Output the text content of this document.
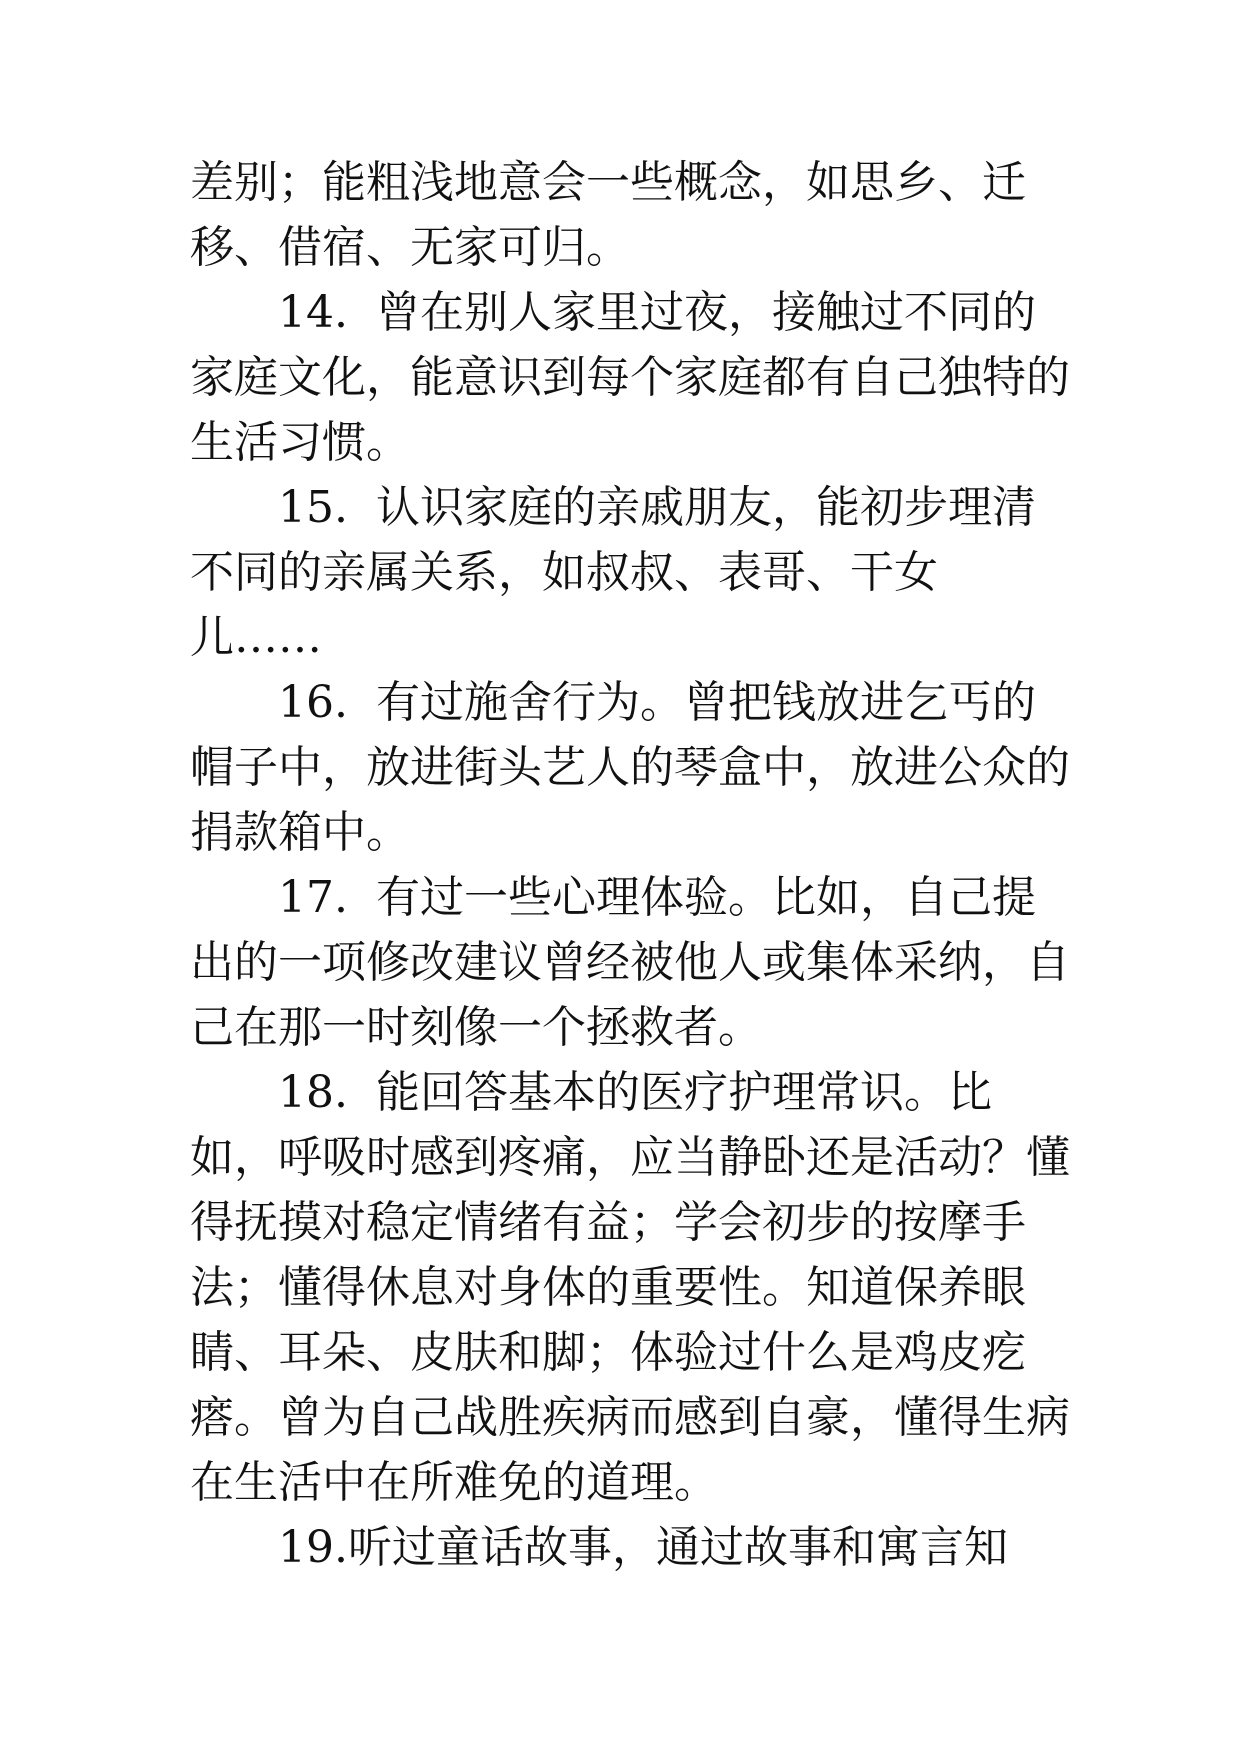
差别；能粗浅地意会一些概念，如思乡、迁移、借宿、无家可归。

14.  曾在别人家里过夜，接触过不同的家庭文化，能意识到每个家庭都有自己独特的生活习惯。

15.  认识家庭的亲戚朋友，能初步理清不同的亲属关系，如叔叔、表哥、干女
儿……

16.  有过施舍行为。曾把钱放进乞丐的帽子中，放进街头艺人的琴盒中，放进公众的捐款箱中。

17.  有过一些心理体验。比如，自己提出的一项修改建议曾经被他人或集体采纳，自己在那一时刻像一个拯救者。

18.  能回答基本的医疗护理常识。比如，呼吸时感到疼痛，应当静卧还是活动？懂得抚摸对稳定情绪有益；学会初步的按摩手法；懂得休息对身体的重要性。知道保养眼睛、耳朵、皮肤和脚；体验过什么是鸡皮疙瘩。曾为自己战胜疾病而感到自豪，懂得生病在生活中在所难免的道理。

19.听过童话故事，通过故事和寓言知
